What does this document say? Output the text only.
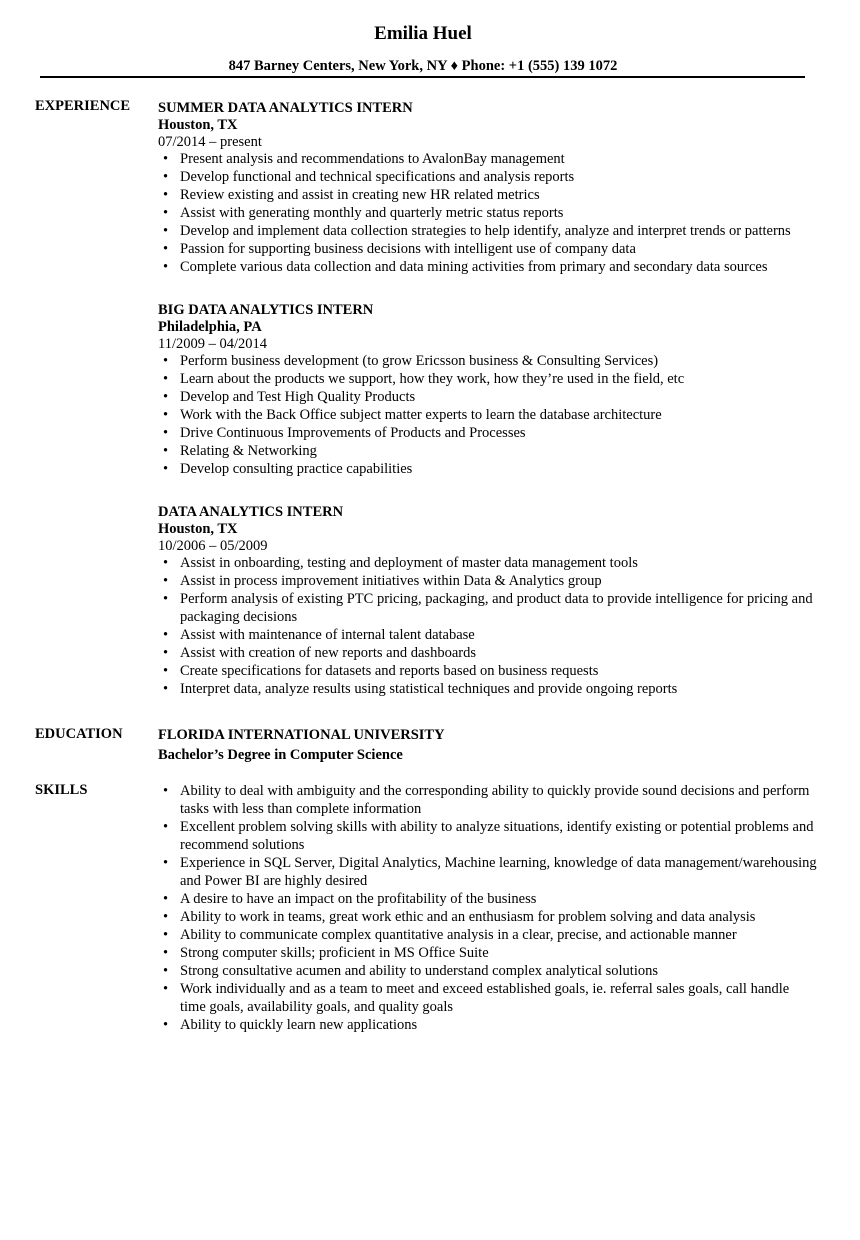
Emilia Huel
847 Barney Centers, New York, NY ♦ Phone: +1 (555) 139 1072
EXPERIENCE SUMMER DATA ANALYTICS INTERN
Houston, TX
07/2014 – present
• Present analysis and recommendations to AvalonBay management
• Develop functional and technical specifications and analysis reports
• Review existing and assist in creating new HR related metrics
• Assist with generating monthly and quarterly metric status reports
• Develop and implement data collection strategies to help identify, analyze and interpret trends or patterns
• Passion for supporting business decisions with intelligent use of company data
• Complete various data collection and data mining activities from primary and secondary data sources
BIG DATA ANALYTICS INTERN
Philadelphia, PA
11/2009 – 04/2014
• Perform business development (to grow Ericsson business & Consulting Services)
• Learn about the products we support, how they work, how they’re used in the field, etc
• Develop and Test High Quality Products
• Work with the Back Office subject matter experts to learn the database architecture
• Drive Continuous Improvements of Products and Processes
• Relating & Networking
• Develop consulting practice capabilities
DATA ANALYTICS INTERN
Houston, TX
10/2006 – 05/2009
• Assist in onboarding, testing and deployment of master data management tools
• Assist in process improvement initiatives within Data & Analytics group
• Perform analysis of existing PTC pricing, packaging, and product data to provide intelligence for pricing and packaging decisions
• Assist with maintenance of internal talent database
• Assist with creation of new reports and dashboards
• Create specifications for datasets and reports based on business requests
• Interpret data, analyze results using statistical techniques and provide ongoing reports
EDUCATION FLORIDA INTERNATIONAL UNIVERSITY
Bachelor’s Degree in Computer Science
SKILLS	• Ability to deal with ambiguity and the corresponding ability to quickly provide sound decisions and perform tasks with less than complete information
• Excellent problem solving skills with ability to analyze situations, identify existing or potential problems and recommend solutions
• Experience in SQL Server, Digital Analytics, Machine learning, knowledge of data management/warehousing and Power BI are highly desired
• A desire to have an impact on the profitability of the business
• Ability to work in teams, great work ethic and an enthusiasm for problem solving and data analysis
• Ability to communicate complex quantitative analysis in a clear, precise, and actionable manner
• Strong computer skills; proficient in MS Office Suite
• Strong consultative acumen and ability to understand complex analytical solutions
• Work individually and as a team to meet and exceed established goals, ie. referral sales goals, call handle time goals, availability goals, and quality goals
• Ability to quickly learn new applications
